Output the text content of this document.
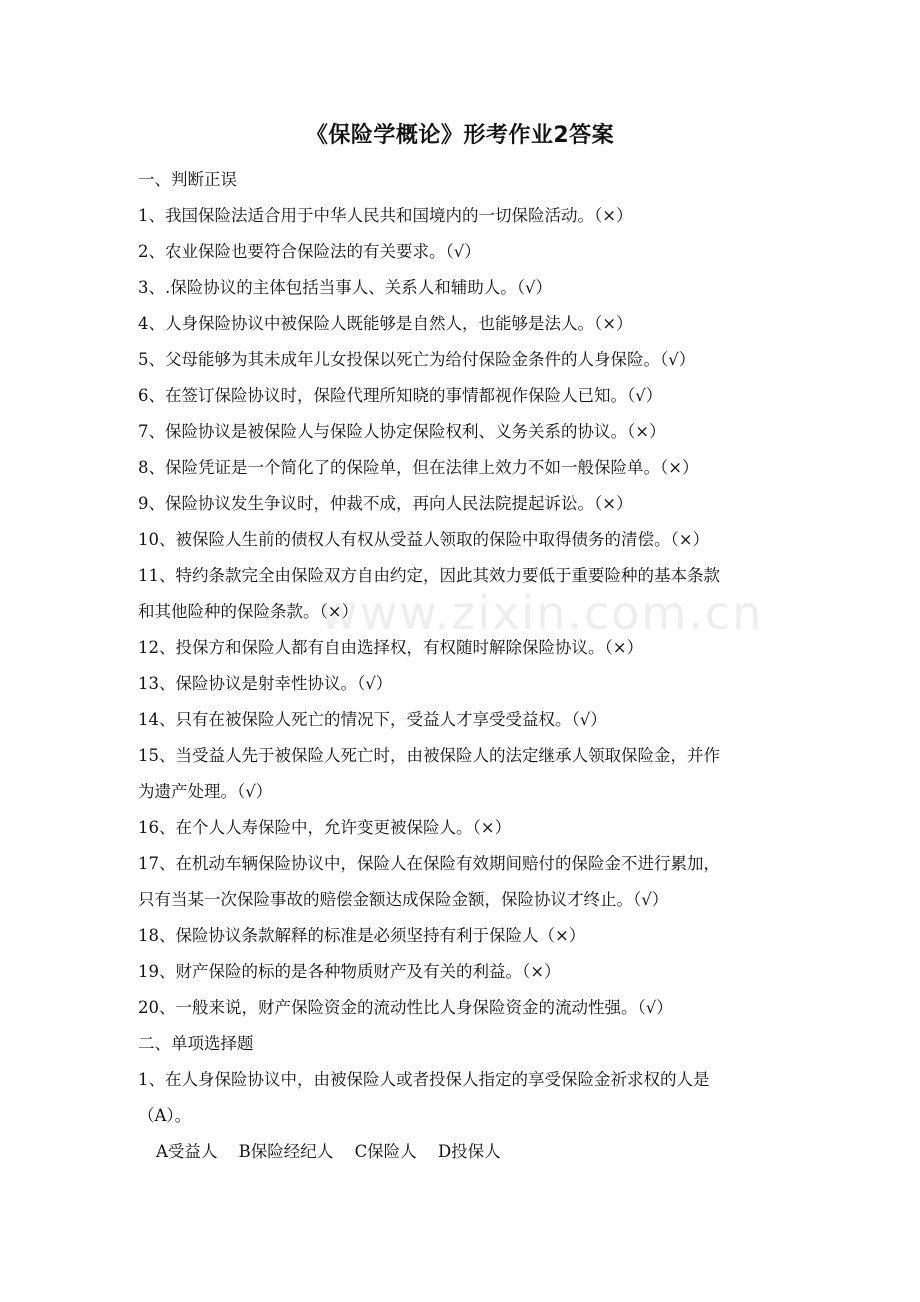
《保险学概论》形考作业2答案
www.zixin.com.cn
一、判断正误
1、我国保险法适合用于中华人民共和国境内的一切保险活动。（×）
2、农业保险也要符合保险法的有关要求。（√）
3、.保险协议的主体包括当事人、关系人和辅助人。（√）
4、人身保险协议中被保险人既能够是自然人，也能够是法人。（×）
5、父母能够为其未成年儿女投保以死亡为给付保险金条件的人身保险。（√）
6、在签订保险协议时，保险代理所知晓的事情都视作保险人已知。（√）
7、保险协议是被保险人与保险人协定保险权利、义务关系的协议。（×）
8、保险凭证是一个简化了的保险单，但在法律上效力不如一般保险单。（×）
9、保险协议发生争议时，仲裁不成，再向人民法院提起诉讼。（×）
10、被保险人生前的债权人有权从受益人领取的保险中取得债务的清偿。（×）
11、特约条款完全由保险双方自由约定，因此其效力要低于重要险种的基本条款
和其他险种的保险条款。（×）
12、投保方和保险人都有自由选择权，有权随时解除保险协议。（×）
13、保险协议是射幸性协议。（√）
14、只有在被保险人死亡的情况下，受益人才享受受益权。（√）
15、当受益人先于被保险人死亡时，由被保险人的法定继承人领取保险金，并作
为遗产处理。（√）
16、在个人人寿保险中，允许变更被保险人。（×）
17、在机动车辆保险协议中，保险人在保险有效期间赔付的保险金不进行累加，
只有当某一次保险事故的赔偿金额达成保险金额，保险协议才终止。（√）
18、保险协议条款解释的标准是必须坚持有利于保险人（×）
19、财产保险的标的是各种物质财产及有关的利益。（×）
20、一般来说，财产保险资金的流动性比人身保险资金的流动性强。（√）
二、单项选择题
1、在人身保险协议中，由被保险人或者投保人指定的享受保险金祈求权的人是
（A）。
A受益人 B保险经纪人 C保险人 D投保人
